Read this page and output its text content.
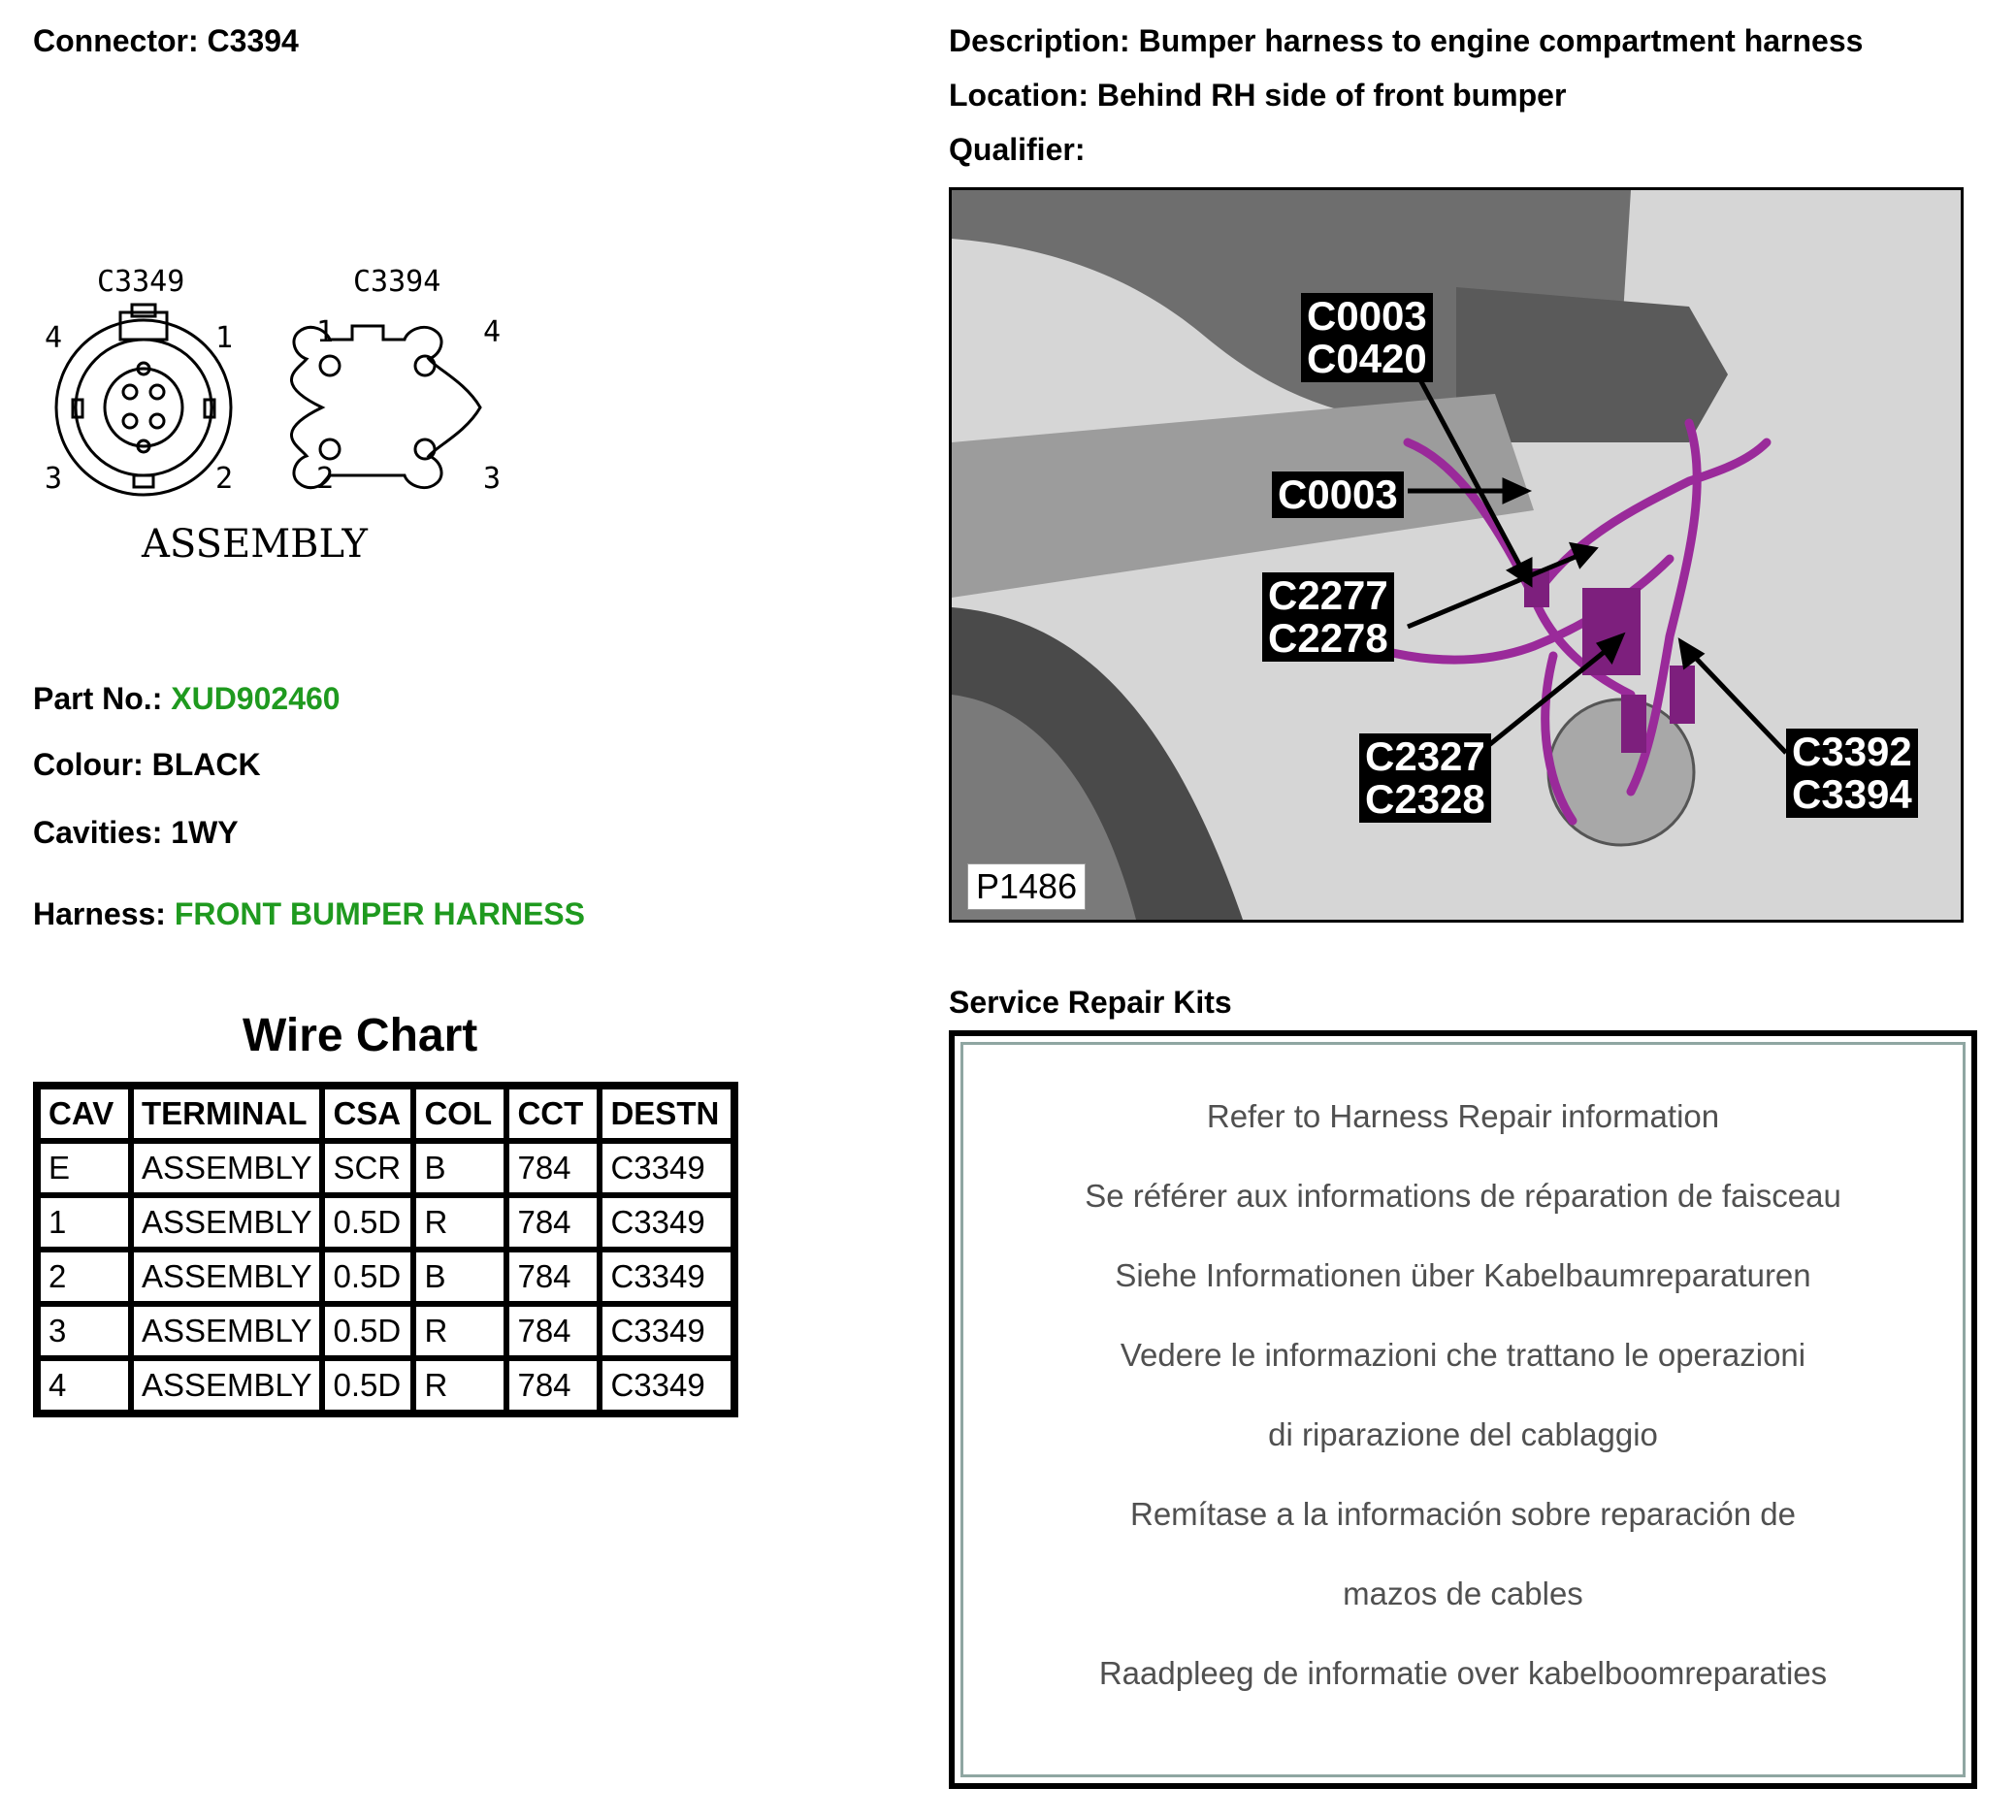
Connector: C3394	Description: Bumper harness to engine compartment harness
Location: Behind RH side of front bumper
Qualifier:
C3349	C3394
4	1
3	2
1	4
2	3
ASSEMBLY
Part No.: XUD902460
Colour: BLACK
Cavities: 1WY
Harness: FRONT BUMPER HARNESS
Wire Chart
CAV	TERMINAL	CSA	COL	CCT	DESTN
E	ASSEMBLY	SCR	B	784	C3349
1	ASSEMBLY	0.5D	R	784	C3349
2	ASSEMBLY	0.5D	B	784	C3349
3	ASSEMBLY	0.5D	R	784	C3349
4	ASSEMBLY	0.5D	R	784	C3349
C0003
C0420
C0003
C2277
C2278
C2327
C2328
C3392
C3394
P1486
Service Repair Kits
Refer to Harness Repair information
Se référer aux informations de réparation de faisceau
Siehe Informationen über Kabelbaumreparaturen
Vedere le informazioni che trattano le operazioni
di riparazione del cablaggio
Remítase a la información sobre reparación de
mazos de cables
Raadpleeg de informatie over kabelboomreparaties
